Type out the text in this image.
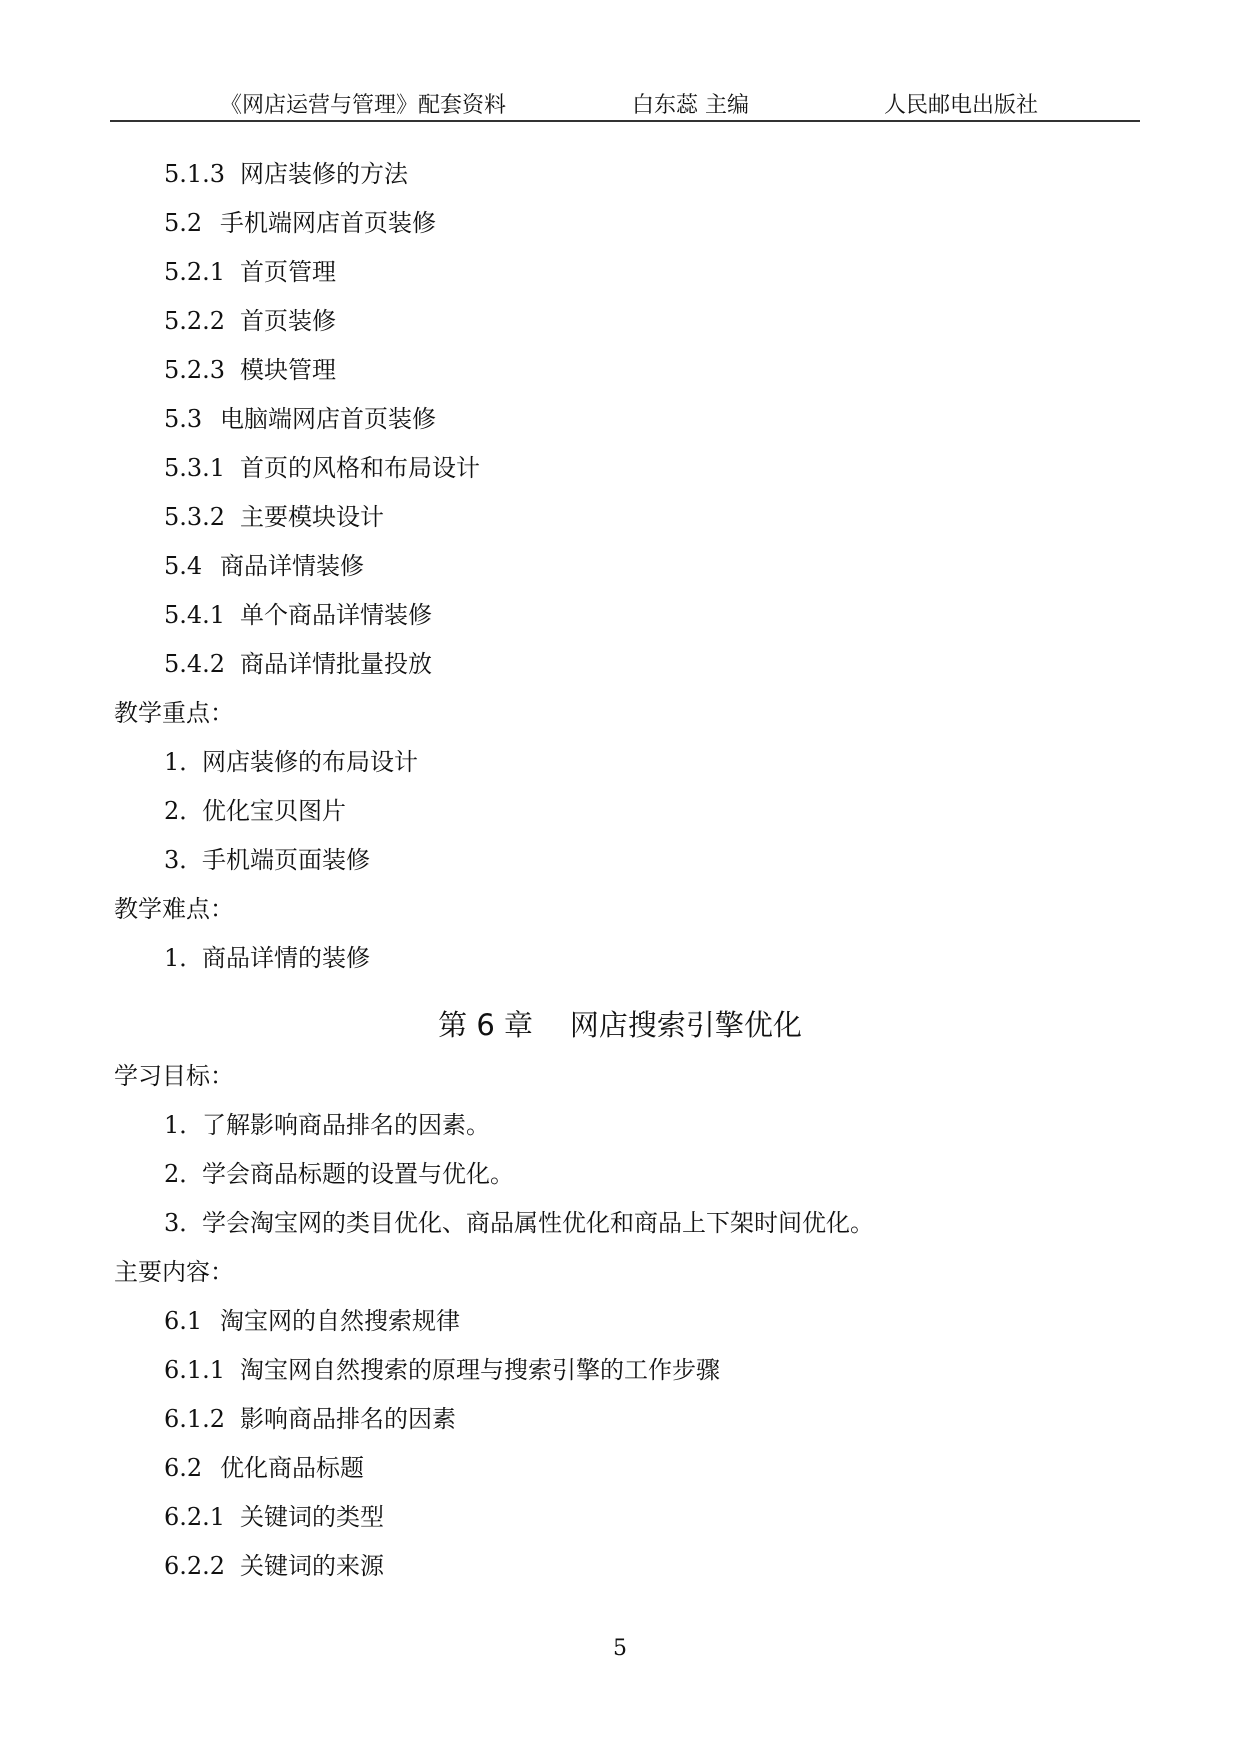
《网店运营与管理》配套资料	白东蕊 主编	人民邮电出版社
5.1.3 网店装修的方法
5.2 手机端网店首页装修
5.2.1 首页管理
5.2.2 首页装修
5.2.3 模块管理
5.3 电脑端网店首页装修
5.3.1 首页的风格和布局设计
5.3.2 主要模块设计
5.4 商品详情装修
5.4.1 单个商品详情装修
5.4.2 商品详情批量投放
教学重点：
1．网店装修的布局设计
2．优化宝贝图片
3．手机端页面装修
教学难点：
1．商品详情的装修
第 6 章    网店搜索引擎优化
学习目标：
1．了解影响商品排名的因素。
2．学会商品标题的设置与优化。
3．学会淘宝网的类目优化、商品属性优化和商品上下架时间优化。
主要内容：
6.1 淘宝网的自然搜索规律
6.1.1 淘宝网自然搜索的原理与搜索引擎的工作步骤
6.1.2 影响商品排名的因素
6.2 优化商品标题
6.2.1 关键词的类型
6.2.2 关键词的来源
5
